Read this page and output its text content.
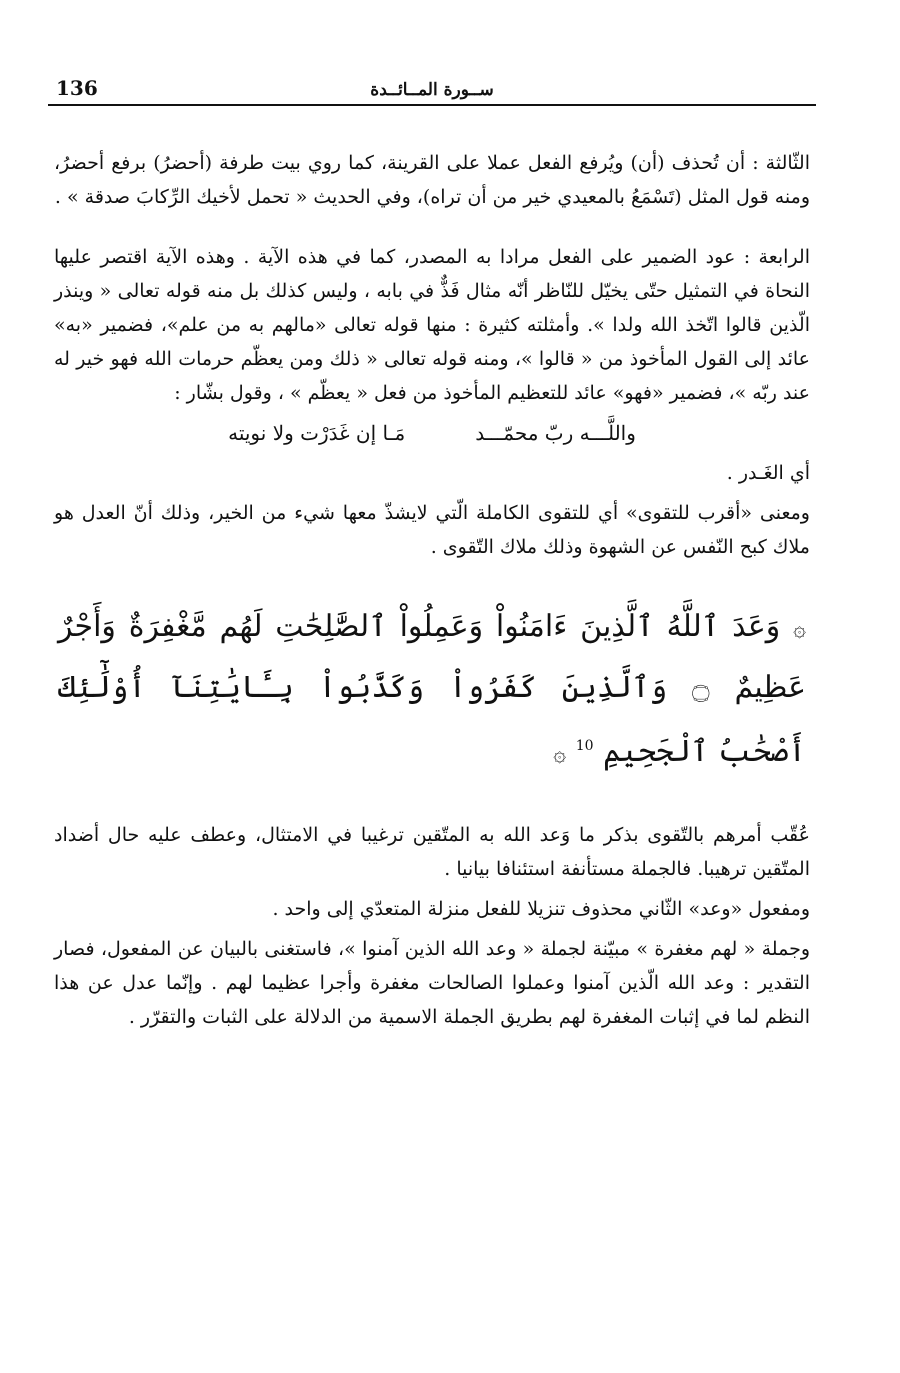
136	ســورة المــائــدة

الثّالثة : أن تُحذف (أن) ويُرفع الفعل عملا على القرينة، كما روي بيت طرفة (أحضرُ) برفع أحضرُ، ومنه قول المثل (تَسْمَعُ بالمعيدي خير من أن تراه)، وفي الحديث « تحمل لأخيك الرِّكابَ صدقة » .

الرابعة : عود الضمير على الفعل مرادا به المصدر، كما في هذه الآية . وهذه الآية اقتصر عليها النحاة في التمثيل حتّى يخيّل للنّاظر أنّه مثال فَذٌّ في بابه ، وليس كذلك بل منه قوله تعالى « وينذر الّذين قالوا اتّخذ الله ولدا ». وأمثلته كثيرة : منها قوله تعالى «مالهم به من علم»، فضمير «به» عائد إلى القول المأخوذ من « قالوا »، ومنه قوله تعالى « ذلك ومن يعظّم حرمات الله فهو خير له عند ربّه »، فضمير «فهو» عائد للتعظيم المأخوذ من فعل « يعظّم » ، وقول بشّار :

واللَّـــه ربّ محمّـــد
مَـا إن غَدَرْت ولا نويته

أي الغَـدر .

ومعنى «أقرب للتقوى» أي للتقوى الكاملة الّتي لايشذّ معها شيء من الخير، وذلك أنّ العدل هو ملاك كبح النّفس عن الشهوة وذلك ملاك التّقوى .

۞ وَعَدَ ٱللَّهُ ٱلَّذِينَ ءَامَنُواْ وَعَمِلُواْ ٱلصَّٰلِحَٰتِ لَهُم مَّغْفِرَةٌ وَأَجْرٌ عَظِيمٌ ۝ وَٱلَّذِينَ كَفَرُواْ وَكَذَّبُواْ بِـَٔايَٰتِنَآ أُوْلَٰٓئِكَ أَصْحَٰبُ ٱلْجَحِيمِ $^{10}$ ۞

عُقّب أمرهم بالتّقوى بذكر ما وَعد الله به المتّقين ترغيبا في الامتثال، وعطف عليه حال أضداد المتّقين ترهيبا. فالجملة مستأنفة استئنافا بيانيا .

ومفعول «وعد» الثّاني محذوف تنزيلا للفعل منزلة المتعدّي إلى واحد .

وجملة « لهم مغفرة » مبيّنة لجملة « وعد الله الذين آمنوا »، فاستغنى بالبيان عن المفعول، فصار التقدير : وعد الله الّذين آمنوا وعملوا الصالحات مغفرة وأجرا عظيما لهم . وإنّما عدل عن هذا النظم لما في إثبات المغفرة لهم بطريق الجملة الاسمية من الدلالة على الثبات والتقرّر .
